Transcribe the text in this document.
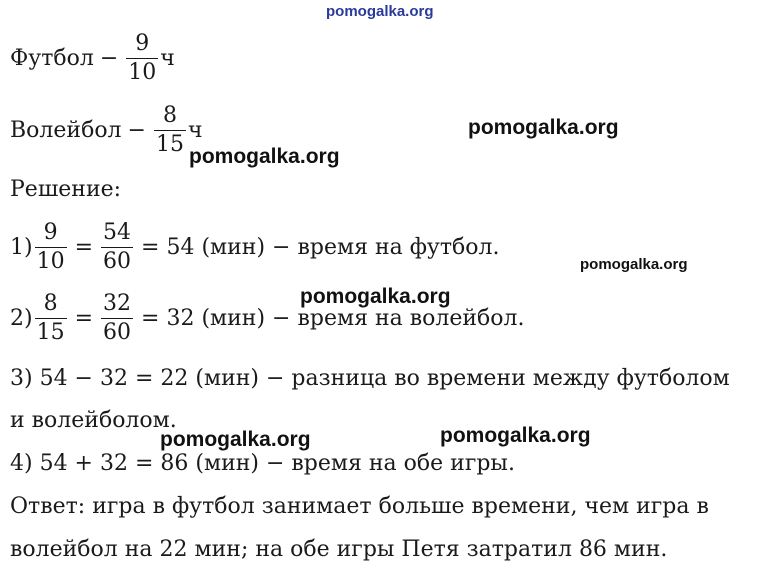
pomogalka.org
Футбол − $\frac{9}{10}$ ч
Волейбол − $\frac{8}{15}$ ч	pomogalka.org
pomogalka.org
Решение:
$1) \frac{9}{10} = \frac{54}{60} = 54$ (мин) − время на футбол.
pomogalka.org
pomogalka.org
$2) \frac{8}{15} = \frac{32}{60} = 32$ (мин) − время на волейбол.
3) 54 − 32 = 22 (мин) − разница во времени между футболом
и волейболом.
pomogalka.org	pomogalka.org
4) 54 + 32 = 86 (мин) − время на обе игры.
Ответ: игра в футбол занимает больше времени, чем игра в
волейбол на 22 мин; на обе игры Петя затратил 86 мин.
